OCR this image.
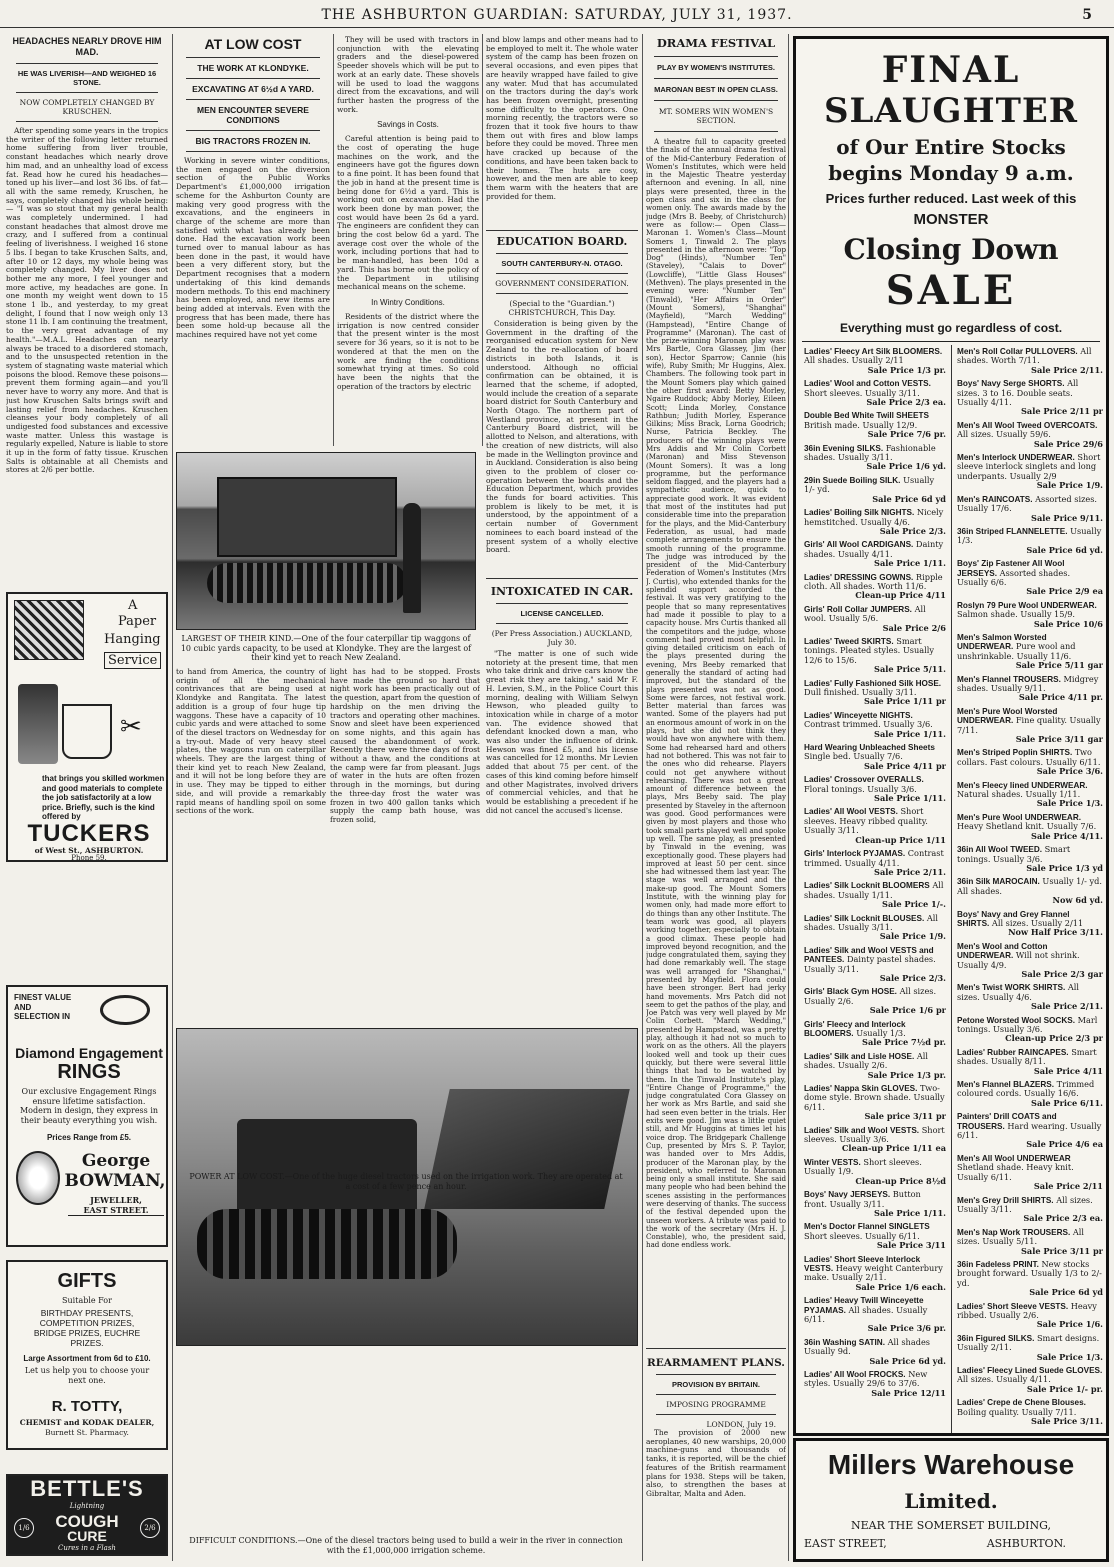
THE ASHBURTON GUARDIAN: SATURDAY, JULY 31, 1937.	5
HEADACHES NEARLY DROVE HIM MAD.
HE WAS LIVERISH—AND WEIGHED 16 STONE.
NOW COMPLETELY CHANGED BY KRUSCHEN.
After spending some years in the tropics the writer of the following letter returned home suffering from liver trouble, constant headaches which nearly drove him mad, and an unhealthy load of excess fat. Read how he cured his headaches—toned up his liver—and lost 36 lbs. of fat—all with the same remedy, Kruschen, he says, completely changed his whole being:— "I was so stout that my general health was completely undermined. I had constant headaches that almost drove me crazy, and I suffered from a continual feeling of liverishness. I weighed 16 stone 5 lbs. I began to take Kruschen Salts, and, after 10 or 12 days, my whole being was completely changed. My liver does not bother me any more, I feel younger and more active, my headaches are gone. In one month my weight went down to 15 stone 1 lb., and yesterday, to my great delight, I found that I now weigh only 13 stone 11 lb. I am continuing the treatment, to the very great advantage of my health."—M.A.L. Headaches can nearly always be traced to a disordered stomach, and to the unsuspected retention in the system of stagnating waste material which poisons the blood. Remove these poisons—prevent them forming again—and you'll never have to worry any more. And that is just how Kruschen Salts brings swift and lasting relief from headaches. Kruschen cleanses your body completely of all undigested food substances and excessive waste matter. Unless this wastage is regularly expelled, Nature is liable to store it up in the form of fatty tissue. Kruschen Salts is obtainable at all Chemists and stores at 2/6 per bottle.
A
Paper
Hanging
Service
✂
that brings you skilled workmen and good materials to complete the job satisfactorily at a low price. Briefly, such is the kind offered by
TUCKERS
of West St., ASHBURTON.
Phone 59.
FINEST VALUE AND SELECTION IN
Diamond Engagement
RINGS
Our exclusive Engagement Rings ensure lifetime satisfaction. Modern in design, they express in their beauty everything you wish.
Prices Range from £5.
George
BOWMAN,
JEWELLER,
EAST STREET.
GIFTS
Suitable For
BIRTHDAY PRESENTS, COMPETITION PRIZES, BRIDGE PRIZES, EUCHRE PRIZES.
Large Assortment from 6d to £10.
Let us help you to choose your next one.
R. TOTTY,
CHEMIST and KODAK DEALER,
Burnett St. Pharmacy.
BETTLE'S
Lightning
1/6	COUGH
CURE	2/6
Cures in a Flash
AT LOW COST
THE WORK AT KLONDYKE.
EXCAVATING AT 6½d A YARD.
MEN ENCOUNTER SEVERE CONDITIONS
BIG TRACTORS FROZEN IN.
Working in severe winter conditions, the men engaged on the diversion section of the Public Works Department's £1,000,000 irrigation scheme for the Ashburton County are making very good progress with the excavations, and the engineers in charge of the scheme are more than satisfied with what has already been done. Had the excavation work been turned over to manual labour as has been done in the past, it would have been a very different story, but the Department recognises that a modern undertaking of this kind demands modern methods. To this end machinery has been employed, and new items are being added at intervals. Even with the progress that has been made, there has been some hold-up because all the machines required have not yet come
They will be used with tractors in conjunction with the elevating graders and the diesel-powered Speeder shovels which will be put to work at an early date. These shovels will be used to load the waggons direct from the excavations, and will further hasten the progress of the work.
Savings in Costs.
Careful attention is being paid to the cost of operating the huge machines on the work, and the engineers have got the figures down to a fine point. It has been found that the job in hand at the present time is being done for 6½d a yard. This is working out on excavation. Had the work been done by man power, the cost would have been 2s 6d a yard. The engineers are confident they can bring the cost below 6d a yard. The average cost over the whole of the work, including portions that had to be man-handled, has been 10d a yard. This has borne out the policy of the Department in utilising mechanical means on the scheme.
In Wintry Conditions.
Residents of the district where the irrigation is now centred consider that the present winter is the most severe for 36 years, so it is not to be wondered at that the men on the work are finding the conditions somewhat trying at times. So cold have been the nights that the operation of the tractors by electric
and blow lamps and other means had to be employed to melt it. The whole water system of the camp has been frozen on several occasions, and even pipes that are heavily wrapped have failed to give any water. Mud that has accumulated on the tractors during the day's work has been frozen overnight, presenting some difficulty to the operators. One morning recently, the tractors were so frozen that it took five hours to thaw them out with fires and blow lamps before they could be moved. Three men have cracked up because of the conditions, and have been taken back to their homes. The huts are cosy, however, and the men are able to keep them warm with the heaters that are provided for them.
EDUCATION BOARD.
SOUTH CANTERBURY-N. OTAGO.
GOVERNMENT CONSIDERATION.
(Special to the "Guardian.") CHRISTCHURCH, This Day.
Consideration is being given by the Government in the drafting of the reorganised education system for New Zealand to the re-allocation of board districts in both Islands, it is understood. Although no official confirmation can be obtained, it is learned that the scheme, if adopted, would include the creation of a separate board district for South Canterbury and North Otago. The northern part of Westland province, at present in the Canterbury Board district, will be allotted to Nelson, and alterations, with the creation of new districts, will also be made in the Wellington province and in Auckland. Consideration is also being given to the problem of closer co-operation between the boards and the Education Department, which provides the funds for board activities. This problem is likely to be met, it is understood, by the appointment of a certain number of Government nominees to each board instead of the present system of a wholly elective board.
INTOXICATED IN CAR.
LICENSE CANCELLED.
(Per Press Association.) AUCKLAND, July 30.
"The matter is one of such wide notoriety at the present time, that men who take drink and drive cars know the great risk they are taking," said Mr F. H. Levien, S.M., in the Police Court this morning, dealing with William Selwyn Hewson, who pleaded guilty to intoxication while in charge of a motor van. The evidence showed that defendant knocked down a man, who was also under the influence of drink. Hewson was fined £5, and his license was cancelled for 12 months. Mr Levien added that about 75 per cent. of the cases of this kind coming before himself and other Magistrates, involved drivers of commercial vehicles, and that he would be establishing a precedent if he did not cancel the accused's license.
LARGEST OF THEIR KIND.—One of the four caterpillar tip waggons of 10 cubic yards capacity, to be used at Klondyke. They are the largest of their kind yet to reach New Zealand.
to hand from America, the country of origin of all the mechanical contrivances that are being used at Klondyke and Rangitata. The latest addition is a group of four huge tip waggons. These have a capacity of 10 cubic yards and were attached to some of the diesel tractors on Wednesday for a try-out. Made of very heavy steel plates, the waggons run on caterpillar wheels. They are the largest thing of their kind yet to reach New Zealand, and it will not be long before they are in use. They may be tipped to either side, and will provide a remarkably rapid means of handling spoil on some sections of the work.
light has had to be stopped. Frosts have made the ground so hard that night work has been practically out of the question, apart from the question of hardship on the men driving the tractors and operating other machines. Snow and sleet have been experienced on some nights, and this again has caused the abandonment of work. Recently there were three days of frost without a thaw, and the conditions at the camp were far from pleasant. Jugs of water in the huts are often frozen through in the mornings, but during the three-day frost the water was frozen in two 400 gallon tanks which supply the camp bath house, was frozen solid,
POWER AT LOW COST.—One of the huge diesel tractors used on the irrigation work. They are operated at a cost of a few pence an hour.
DIFFICULT CONDITIONS.—One of the diesel tractors being used to build a weir in the river in connection with the £1,000,000 irrigation scheme.
DRAMA FESTIVAL
PLAY BY WOMEN'S INSTITUTES.
MARONAN BEST IN OPEN CLASS.
MT. SOMERS WIN WOMEN'S SECTION.
A theatre full to capacity greeted the finals of the annual drama festival of the Mid-Canterbury Federation of Women's Institutes, which were held in the Majestic Theatre yesterday afternoon and evening. In all, nine plays were presented, three in the open class and six in the class for women only. The awards made by the judge (Mrs B. Beeby, of Christchurch) were as follow:— Open Class—Maronan 1. Women's Class—Mount Somers 1, Tinwald 2. The plays presented in the afternoon were: "Top Dog" (Hinds), "Number Ten" (Staveley), "Calais to Dover" (Lowcliffe), "Little Glass Houses" (Methven). The plays presented in the evening were: "Number Ten" (Tinwald), "Her Affairs in Order" (Mount Somers), "Shanghai" (Mayfield), "March Wedding" (Hampstead), "Entire Change of Programme" (Maronan). The cast of the prize-winning Maronan play was: Mrs Bartle, Cora Glassey, Jim (her son), Hector Sparrow; Cannie (his wife), Ruby Smith; Mr Huggins, Alex. Chambers. The following took part in the Mount Somers play which gained the other first award: Betty Morley, Ngaire Ruddock; Abby Morley, Eileen Scott; Linda Morley, Constance Rathbun; Judith Morley, Esperance Gilkins; Miss Brack, Lorna Goodrich; Nurse, Patricia Beckley. The producers of the winning plays were Mrs Addis and Mr Colin Corbett (Maronan) and Miss Stevenson (Mount Somers). It was a long programme, but the performance seldom flagged, and the players had a sympathetic audience, quick to appreciate good work. It was evident that most of the institutes had put considerable time into the preparation for the plays, and the Mid-Canterbury Federation, as usual, had made complete arrangements to ensure the smooth running of the programme. The judge was introduced by the president of the Mid-Canterbury Federation of Women's Institutes (Mrs J. Curtis), who extended thanks for the splendid support accorded the festival. It was very gratifying to the people that so many representatives had made it possible to play to a capacity house. Mrs Curtis thanked all the competitors and the judge, whose comment had proved most helpful. In giving detailed criticism on each of the plays presented during the evening, Mrs Beeby remarked that generally the standard of acting had improved, but the standard of the plays presented was not as good. Some were farces, not festival work. Better material than farces was wanted. Some of the players had put an enormous amount of work in on the plays, but she did not think they would have won anywhere with them. Some had rehearsed hard and others had not bothered. This was not fair to the ones who did rehearse. Players could not get anywhere without rehearsing. There was not a great amount of difference between the plays, Mrs Beeby said. The play presented by Staveley in the afternoon was good. Good performances were given by most players and those who took small parts played well and spoke up well. The same play, as presented by Tinwald in the evening, was exceptionally good. These players had improved at least 50 per cent. since she had witnessed them last year. The stage was well arranged and the make-up good. The Mount Somers Institute, with the winning play for women only, had made more effort to do things than any other Institute. The team work was good, all players working together, especially to obtain a good climax. These people had improved beyond recognition, and the judge congratulated them, saying they had done remarkably well. The stage was well arranged for "Shanghai," presented by Mayfield. Flora could have been stronger. Bert had jerky hand movements. Mrs Patch did not seem to get the pathos of the play, and Joe Patch was very well played by Mr Colin Corbett. "March Wedding," presented by Hampstead, was a pretty play, although it had not so much to work on as the others. All the players looked well and took up their cues quickly, but there were several little things that had to be watched by them. In the Tinwald Institute's play, "Entire Change of Programme," the judge congratulated Cora Glassey on her work as Mrs Bartle, and said she had seen even better in the trials. Her exits were good. Jim was a little quiet still, and Mr Huggins at times let his voice drop. The Bridgepark Challenge Cup, presented by Mrs S. P. Taylor, was handed over to Mrs Addis, producer of the Maronan play, by the president, who referred to Maronan being only a small institute. She said many people who had been behind the scenes assisting in the performances were deserving of thanks. The success of the festival depended upon the unseen workers. A tribute was paid to the work of the secretary (Mrs H. J. Constable), who, the president said, had done endless work.
REARMAMENT PLANS.
PROVISION BY BRITAIN.
IMPOSING PROGRAMME
LONDON, July 19.
The provision of 2000 new aeroplanes, 40 new warships, 20,000 machine-guns and thousands of tanks, it is reported, will be the chief features of the British rearmament plans for 1938. Steps will be taken, also, to strengthen the bases at Gibraltar, Malta and Aden.
FINAL
SLAUGHTER
of Our Entire Stocks
begins Monday 9 a.m.
Prices further reduced. Last week of this
MONSTER
Closing Down
SALE
Everything must go regardless of cost.
Ladies' Fleecy Art Silk BLOOMERS. All shades. Usually 2/11
Sale Price 1/3 pr.
Ladies' Wool and Cotton VESTS. Short sleeves. Usually 3/11.
Sale Price 2/3 ea.
Double Bed White Twill SHEETS British made. Usually 12/9.
Sale Price 7/6 pr.
36in Evening SILKS. Fashionable shades. Usually 3/11.
Sale Price 1/6 yd.
29in Suede Boiling SILK. Usually 1/- yd.
Sale Price 6d yd
Ladies' Boiling Silk NIGHTS. Nicely hemstitched. Usually 4/6.
Sale Price 2/3.
Girls' All Wool CARDIGANS. Dainty shades. Usually 4/11.
Sale Price 1/11.
Ladies' DRESSING GOWNS. Ripple cloth. All shades. Worth 11/6.
Clean-up Price 4/11
Girls' Roll Collar JUMPERS. All wool. Usually 5/6.
Sale Price 2/6
Ladies' Tweed SKIRTS. Smart tonings. Pleated styles. Usually 12/6 to 15/6.
Sale Price 5/11.
Ladies' Fully Fashioned Silk HOSE. Dull finished. Usually 3/11.
Sale Price 1/11 pr
Ladies' Winceyette NIGHTS. Contrast trimmed. Usually 3/6.
Sale Price 1/11.
Hard Wearing Unbleached Sheets Single bed. Usually 7/6.
Sale Price 4/11 pr
Ladies' Crossover OVERALLS. Floral tonings. Usually 3/6.
Sale Price 1/11.
Ladies' All Wool VESTS. Short sleeves. Heavy ribbed quality. Usually 3/11.
Clean-up Price 1/11
Girls' Interlock PYJAMAS. Contrast trimmed. Usually 4/11.
Sale Price 2/11.
Ladies' Silk Locknit BLOOMERS All shades. Usually 1/11.
Sale Price 1/-.
Ladies' Silk Locknit BLOUSES. All shades. Usually 3/11.
Sale Price 1/9.
Ladies' Silk and Wool VESTS and PANTEES. Dainty pastel shades. Usually 3/11.
Sale Price 2/3.
Girls' Black Gym HOSE. All sizes. Usually 2/6.
Sale Price 1/6 pr
Girls' Fleecy and Interlock BLOOMERS. Usually 1/3.
Sale Price 7½d pr.
Ladies' Silk and Lisle HOSE. All shades. Usually 2/6.
Sale Price 1/3 pr.
Ladies' Nappa Skin GLOVES. Two-dome style. Brown shade. Usually 6/11.
Sale price 3/11 pr
Ladies' Silk and Wool VESTS. Short sleeves. Usually 3/6.
Clean-up Price 1/11 ea
Winter VESTS. Short sleeves. Usually 1/9.
Clean-up Price 8½d
Boys' Navy JERSEYS. Button front. Usually 3/11.
Sale Price 1/11.
Men's Doctor Flannel SINGLETS Short sleeves. Usually 6/11.
Sale Price 3/11
Ladies' Short Sleeve Interlock VESTS. Heavy weight Canterbury make. Usually 2/11.
Sale Price 1/6 each.
Ladies' Heavy Twill Winceyette PYJAMAS. All shades. Usually 6/11.
Sale Price 3/6 pr.
36in Washing SATIN. All shades Usually 9d.
Sale Price 6d yd.
Ladies' All Wool FROCKS. New styles. Usually 29/6 to 37/6.
Sale Price 12/11
Men's Roll Collar PULLOVERS. All shades. Worth 7/11.
Sale Price 2/11.
Boys' Navy Serge SHORTS. All sizes. 3 to 16. Double seats. Usually 4/11.
Sale Price 2/11 pr
Men's All Wool Tweed OVERCOATS. All sizes. Usually 59/6.
Sale Price 29/6
Men's Interlock UNDERWEAR. Short sleeve interlock singlets and long underpants. Usually 2/9
Sale Price 1/9.
Men's RAINCOATS. Assorted sizes. Usually 17/6.
Sale Price 9/11.
36in Striped FLANNELETTE. Usually 1/3.
Sale Price 6d yd.
Boys' Zip Fastener All Wool JERSEYS. Assorted shades. Usually 6/6.
Sale Price 2/9 ea
Roslyn 79 Pure Wool UNDERWEAR. Salmon shade. Usually 15/9.
Sale Price 10/6
Men's Salmon Worsted UNDERWEAR. Pure wool and unshrinkable. Usually 11/6.
Sale Price 5/11 gar
Men's Flannel TROUSERS. Midgrey shades. Usually 9/11.
Sale Price 4/11 pr.
Men's Pure Wool Worsted UNDERWEAR. Fine quality. Usually 7/11.
Sale Price 3/11 gar
Men's Striped Poplin SHIRTS. Two collars. Fast colours. Usually 6/11.
Sale Price 3/6.
Men's Fleecy lined UNDERWEAR. Natural shades. Usually 1/11.
Sale Price 1/3.
Men's Pure Wool UNDERWEAR. Heavy Shetland knit. Usually 7/6.
Sale Price 4/11.
36in All Wool TWEED. Smart tonings. Usually 3/6.
Sale Price 1/3 yd
36in Silk MAROCAIN. Usually 1/- yd. All shades.
Now 6d yd.
Boys' Navy and Grey Flannel SHIRTS. All sizes. Usually 2/11
Now Half Price 3/11.
Men's Wool and Cotton UNDERWEAR. Will not shrink. Usually 4/9.
Sale Price 2/3 gar
Men's Twist WORK SHIRTS. All sizes. Usually 4/6.
Sale Price 2/11.
Petone Worsted Wool SOCKS. Marl tonings. Usually 3/6.
Clean-up Price 2/3 pr
Ladies' Rubber RAINCAPES. Smart shades. Usually 8/11.
Sale Price 4/11
Men's Flannel BLAZERS. Trimmed coloured cords. Usually 16/6.
Sale Price 6/11.
Painters' Drill COATS and TROUSERS. Hard wearing. Usually 6/11.
Sale Price 4/6 ea
Men's All Wool UNDERWEAR Shetland shade. Heavy knit. Usually 6/11.
Sale Price 2/11
Men's Grey Drill SHIRTS. All sizes. Usually 3/11.
Sale Price 2/3 ea.
Men's Nap Work TROUSERS. All sizes. Usually 5/11.
Sale Price 3/11 pr
36in Fadeless PRINT. New stocks brought forward. Usually 1/3 to 2/- yd.
Sale Price 6d yd
Ladies' Short Sleeve VESTS. Heavy ribbed. Usually 2/6.
Sale Price 1/6.
36in Figured SILKS. Smart designs. Usually 2/11.
Sale Price 1/3.
Ladies' Fleecy Lined Suede GLOVES. All sizes. Usually 4/11.
Sale Price 1/- pr.
Ladies' Crepe de Chene Blouses. Boiling quality. Usually 7/11.
Sale Price 3/11.
Millers Warehouse
Limited.
NEAR THE SOMERSET BUILDING,
EAST STREET,	ASHBURTON.
